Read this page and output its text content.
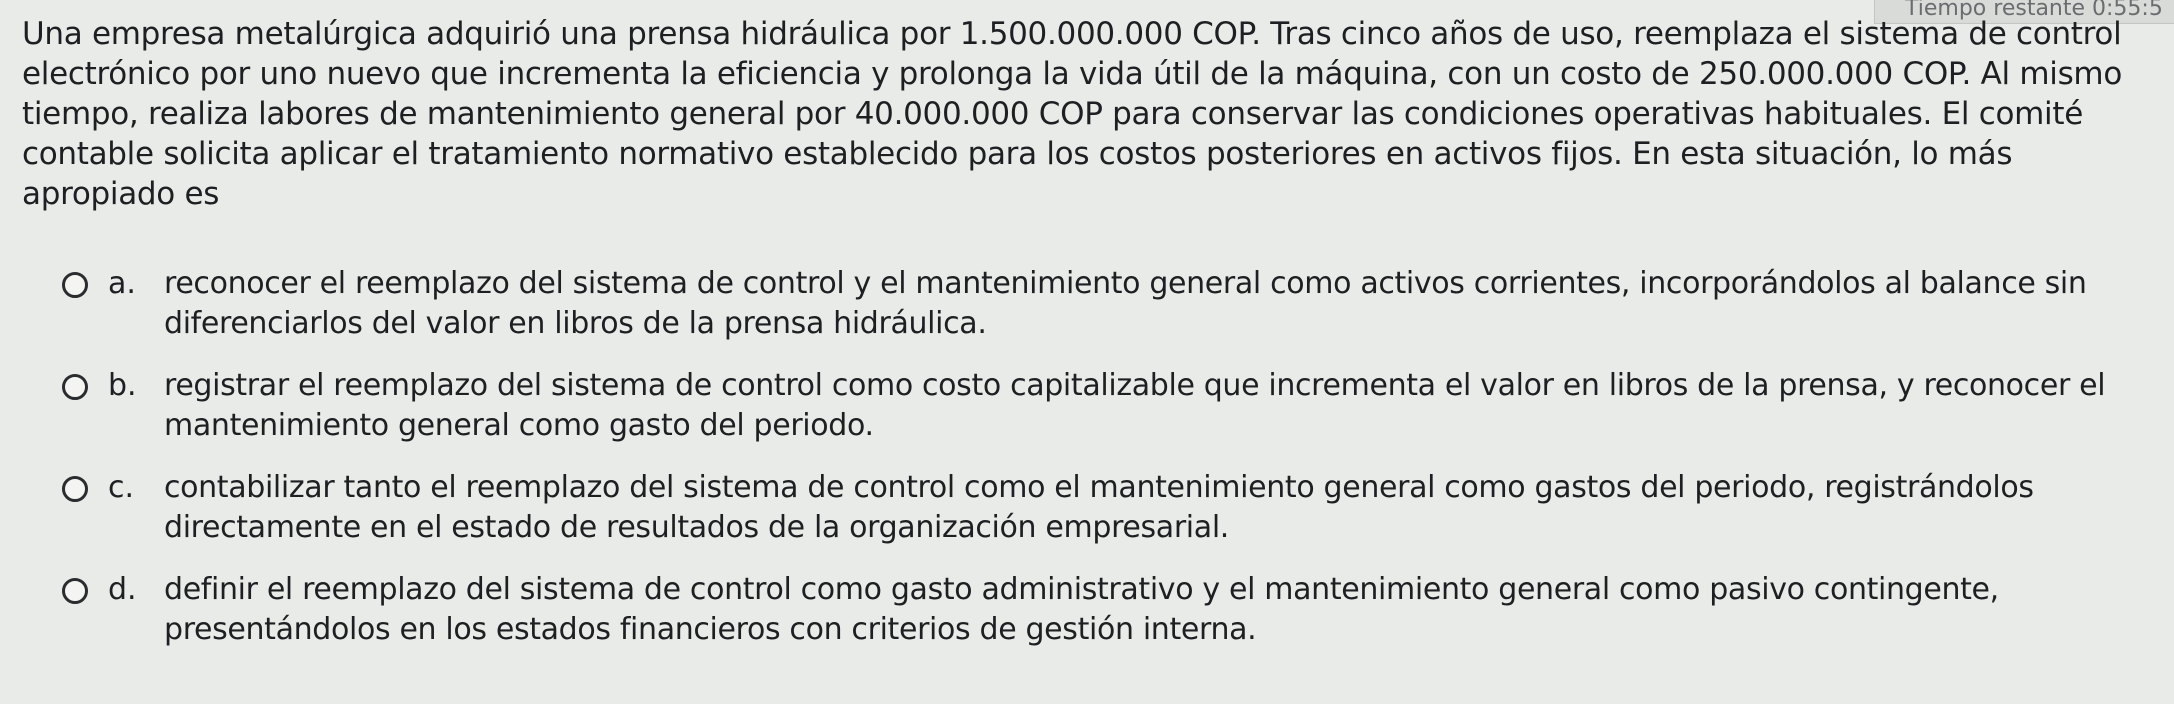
Tiempo restante 0:55:5

Una empresa metalúrgica adquirió una prensa hidráulica por 1.500.000.000 COP. Tras cinco años de uso, reemplaza el sistema de control electrónico por uno nuevo que incrementa la eficiencia y prolonga la vida útil de la máquina, con un costo de 250.000.000 COP. Al mismo tiempo, realiza labores de mantenimiento general por 40.000.000 COP para conservar las condiciones operativas habituales. El comité contable solicita aplicar el tratamiento normativo establecido para los costos posteriores en activos fijos. En esta situación, lo más apropiado es

a. reconocer el reemplazo del sistema de control y el mantenimiento general como activos corrientes, incorporándolos al balance sin diferenciarlos del valor en libros de la prensa hidráulica.
b. registrar el reemplazo del sistema de control como costo capitalizable que incrementa el valor en libros de la prensa, y reconocer el mantenimiento general como gasto del periodo.
c. contabilizar tanto el reemplazo del sistema de control como el mantenimiento general como gastos del periodo, registrándolos directamente en el estado de resultados de la organización empresarial.
d. definir el reemplazo del sistema de control como gasto administrativo y el mantenimiento general como pasivo contingente, presentándolos en los estados financieros con criterios de gestión interna.
